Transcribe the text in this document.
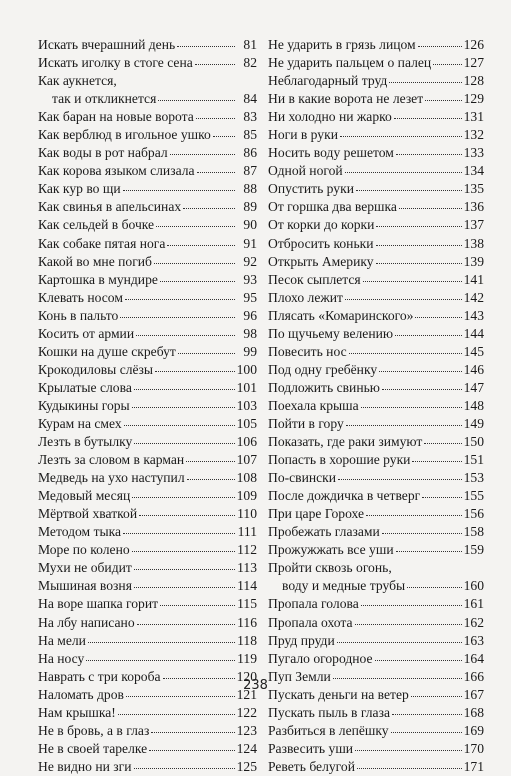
Искать вчерашний день	81
Искать иголку в стоге сена	82
Как аукнется,
так и откликнется	84
Как баран на новые ворота	83
Как верблюд в игольное ушко	85
Как воды в рот набрал	86
Как корова языком слизала	87
Как кур во щи	88
Как свинья в апельсинах	89
Как сельдей в бочке	90
Как собаке пятая нога	91
Какой во мне погиб	92
Картошка в мундире	93
Клевать носом	95
Конь в пальто	96
Косить от армии	98
Кошки на душе скребут	99
Крокодиловы слёзы	100
Крылатые слова	101
Кудыкины горы	103
Курам на смех	105
Лезть в бутылку	106
Лезть за словом в карман	107
Медведь на ухо наступил	108
Медовый месяц	109
Мёртвой хваткой	110
Методом тыка	111
Море по колено	112
Мухи не обидит	113
Мышиная возня	114
На воре шапка горит	115
На лбу написано	116
На мели	118
На носу	119
Наврать с три короба	120
Наломать дров	121
Нам крышка!	122
Не в бровь, а в глаз	123
Не в своей тарелке	124
Не видно ни зги	125
Не ударить в грязь лицом	126
Не ударить пальцем о палец 127
Неблагодарный труд	128
Ни в какие ворота не лезет	129
Ни холодно ни жарко	131
Ноги в руки	132
Носить воду решетом	133
Одной ногой	134
Опустить руки	135
От горшка два вершка	136
От корки до корки	137
Отбросить коньки	138
Открыть Америку	139
Песок сыплется	141
Плохо лежит	142
Плясать «Комаринского»	143
По щучьему велению	144
Повесить нос	145
Под одну гребёнку	146
Подложить свинью	147
Поехала крыша	148
Пойти в гору	149
Показать, где раки зимуют	150
Попасть в хорошие руки	151
По-свински	153
После дождичка в четверг	155
При царе Горохе	156
Пробежать глазами	158
Прожужжать все уши	159
Пройти сквозь огонь,
воду и медные трубы	160
Пропала голова	161
Пропала охота	162
Пруд пруди	163
Пугало огородное	164
Пуп Земли	166
Пускать деньги на ветер	167
Пускать пыль в глаза	168
Разбиться в лепёшку	169
Развесить уши	170
Реветь белугой	171
238
